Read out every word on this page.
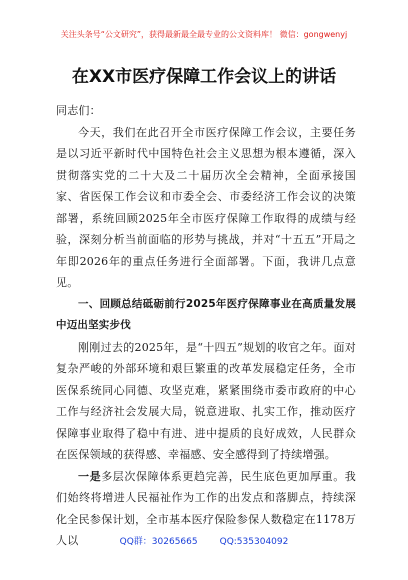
关注头条号“公文研究”，获得最新最全最专业的公文资料库！ 微信：gongwenyj
在XX市医疗保障工作会议上的讲话

同志们：

今天，我们在此召开全市医疗保障工作会议，主要任务是以习近平新时代中国特色社会主义思想为根本遵循，深入贯彻落实党的二十大及二十届历次全会精神，全面承接国家、省医保工作会议和市委全会、市委经济工作会议的决策部署，系统回顾2025年全市医疗保障工作取得的成绩与经验，深刻分析当前面临的形势与挑战，并对“十五五”开局之年即2026年的重点任务进行全面部署。下面，我讲几点意见。

一、回顾总结砥砺前行2025年医疗保障事业在高质量发展中迈出坚实步伐

刚刚过去的2025年，是“十四五”规划的收官之年。面对复杂严峻的外部环境和艰巨繁重的改革发展稳定任务，全市医保系统同心同德、攻坚克难，紧紧围绕市委市政府的中心工作与经济社会发展大局，锐意进取、扎实工作，推动医疗保障事业取得了稳中有进、进中提质的良好成效，人民群众在医保领域的获得感、幸福感、安全感得到了持续增强。

一是多层次保障体系更趋完善，民生底色更加厚重。我们始终将增进人民福祉作为工作的出发点和落脚点，持续深化全民参保计划，全市基本医疗保险参保人数稳定在1178万人以	QQ群：30265665 QQ:535304092
